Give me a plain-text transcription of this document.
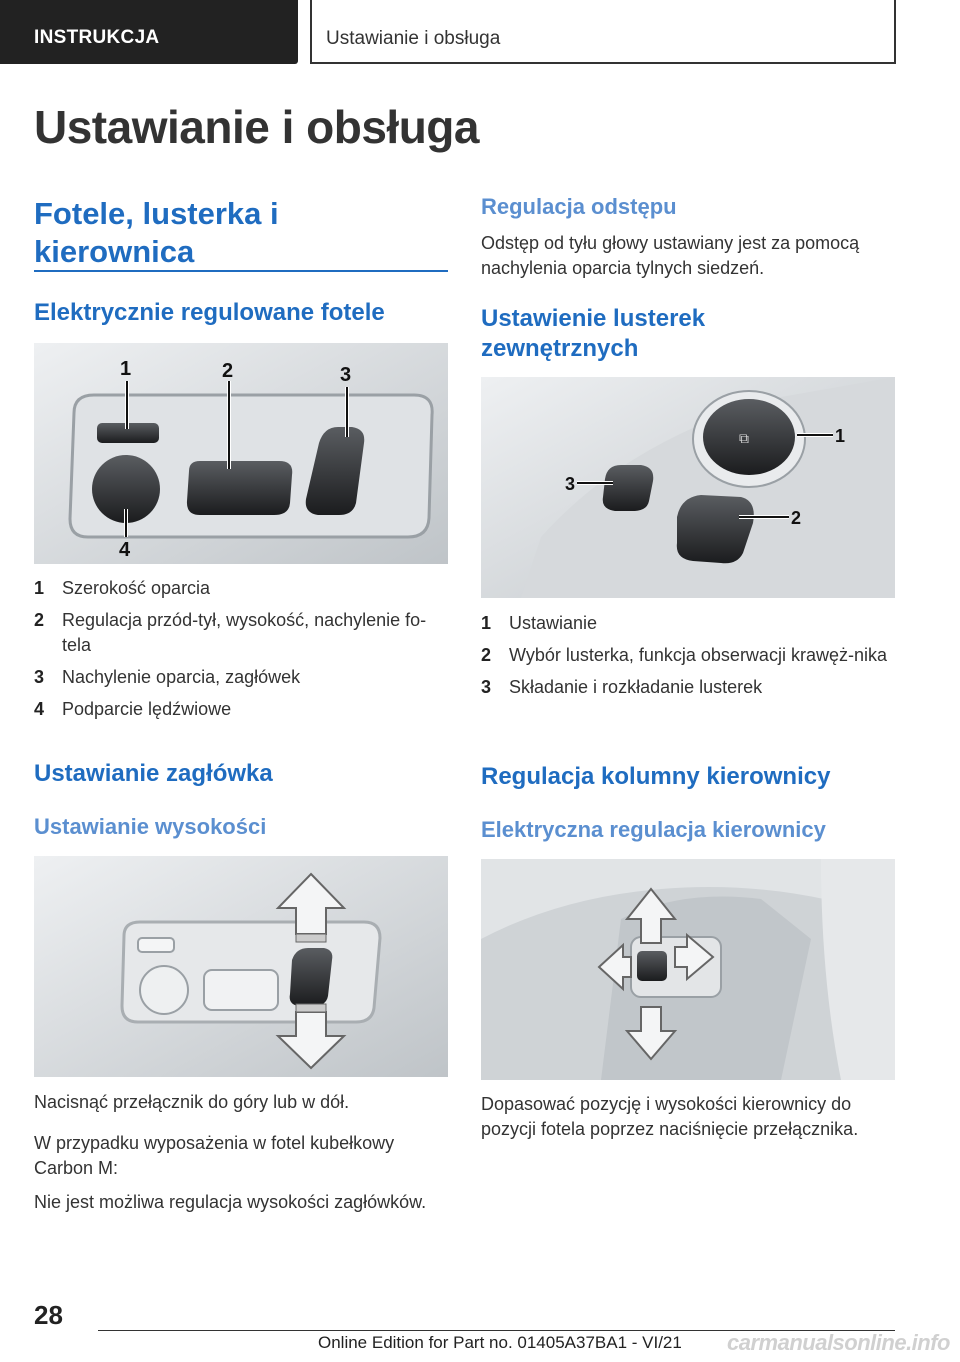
INSTRUKCJA	Ustawianie i obsługa
Ustawianie i obsługa
Fotele, lusterka i kierownica
Elektrycznie regulowane fotele
1	2	3
4
1 Szerokość oparcia
2 Regulacja przód-tył, wysokość, nachylenie fo-tela
3 Nachylenie oparcia, zagłówek
4 Podparcie lędźwiowe
Ustawianie zagłówka
Ustawianie wysokości
Nacisnąć przełącznik do góry lub w dół.
W przypadku wyposażenia w fotel kubełkowy Carbon M:
Nie jest możliwa regulacja wysokości zagłówków.
Regulacja odstępu
Odstęp od tyłu głowy ustawiany jest za pomocą nachylenia oparcia tylnych siedzeń.
Ustawienie lusterek zewnętrznych
⧉	1
2
3
1 Ustawianie
2 Wybór lusterka, funkcja obserwacji krawęż-nika
3 Składanie i rozkładanie lusterek
Regulacja kolumny kierownicy
Elektryczna regulacja kierownicy
Dopasować pozycję i wysokości kierownicy do pozycji fotela poprzez naciśnięcie przełącznika.
28
Online Edition for Part no. 01405A37BA1 - VI/21 carmanualsonline.info
